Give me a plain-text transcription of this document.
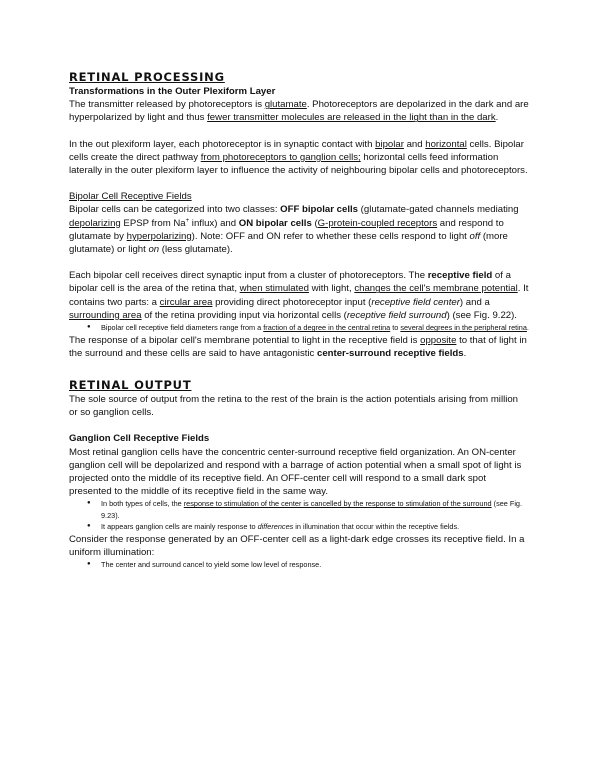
RETINAL PROCESSING

Transformations in the Outer Plexiform Layer

The transmitter released by photoreceptors is glutamate. Photoreceptors are depolarized in the dark and are hyperpolarized by light and thus fewer transmitter molecules are released in the light than in the dark.

In the out plexiform layer, each photoreceptor is in synaptic contact with bipolar and horizontal cells. Bipolar cells create the direct pathway from photoreceptors to ganglion cells; horizontal cells feed information laterally in the outer plexiform layer to influence the activity of neighbouring bipolar cells and photoreceptors.

Bipolar Cell Receptive Fields

Bipolar cells can be categorized into two classes: OFF bipolar cells (glutamate-gated channels mediating depolarizing EPSP from Na+ influx) and ON bipolar cells (G-protein-coupled receptors and respond to glutamate by hyperpolarizing). Note: OFF and ON refer to whether these cells respond to light off (more glutamate) or light on (less glutamate).

Each bipolar cell receives direct synaptic input from a cluster of photoreceptors. The receptive field of a bipolar cell is the area of the retina that, when stimulated with light, changes the cell's membrane potential. It contains two parts: a circular area providing direct photoreceptor input (receptive field center) and a surrounding area of the retina providing input via horizontal cells (receptive field surround) (see Fig. 9.22).

● Bipolar cell receptive field diameters range from a fraction of a degree in the central retina to several degrees in the peripheral retina.

The response of a bipolar cell's membrane potential to light in the receptive field is opposite to that of light in the surround and these cells are said to have antagonistic center-surround receptive fields.

RETINAL OUTPUT

The sole source of output from the retina to the rest of the brain is the action potentials arising from million or so ganglion cells.

Ganglion Cell Receptive Fields

Most retinal ganglion cells have the concentric center-surround receptive field organization. An ON-center ganglion cell will be depolarized and respond with a barrage of action potential when a small spot of light is projected onto the middle of its receptive field. An OFF-center cell will respond to a small dark spot presented to the middle of its receptive field in the same way.

● In both types of cells, the response to stimulation of the center is cancelled by the response to stimulation of the surround (see Fig. 9.23).
● It appears ganglion cells are mainly response to differences in illumination that occur within the receptive fields.

Consider the response generated by an OFF-center cell as a light-dark edge crosses its receptive field. In a uniform illumination:

● The center and surround cancel to yield some low level of response.
